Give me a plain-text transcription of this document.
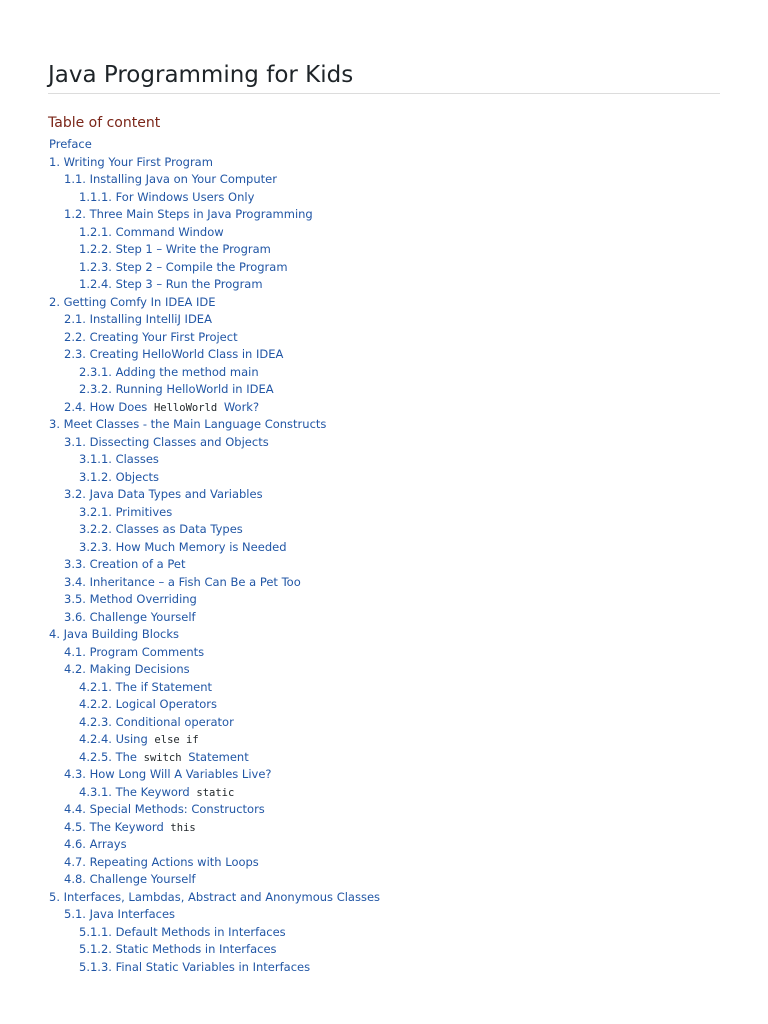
Java Programming for Kids
Table of content
Preface
1. Writing Your First Program
1.1. Installing Java on Your Computer
1.1.1. For Windows Users Only
1.2. Three Main Steps in Java Programming
1.2.1. Command Window
1.2.2. Step 1 – Write the Program
1.2.3. Step 2 – Compile the Program
1.2.4. Step 3 – Run the Program
2. Getting Comfy In IDEA IDE
2.1. Installing IntelliJ IDEA
2.2. Creating Your First Project
2.3. Creating HelloWorld Class in IDEA
2.3.1. Adding the method main
2.3.2. Running HelloWorld in IDEA
2.4. How Does HelloWorld Work?
3. Meet Classes - the Main Language Constructs
3.1. Dissecting Classes and Objects
3.1.1. Classes
3.1.2. Objects
3.2. Java Data Types and Variables
3.2.1. Primitives
3.2.2. Classes as Data Types
3.2.3. How Much Memory is Needed
3.3. Creation of a Pet
3.4. Inheritance – a Fish Can Be a Pet Too
3.5. Method Overriding
3.6. Challenge Yourself
4. Java Building Blocks
4.1. Program Comments
4.2. Making Decisions
4.2.1. The if Statement
4.2.2. Logical Operators
4.2.3. Conditional operator
4.2.4. Using else if
4.2.5. The switch Statement
4.3. How Long Will A Variables Live?
4.3.1. The Keyword static
4.4. Special Methods: Constructors
4.5. The Keyword this
4.6. Arrays
4.7. Repeating Actions with Loops
4.8. Challenge Yourself
5. Interfaces, Lambdas, Abstract and Anonymous Classes
5.1. Java Interfaces
5.1.1. Default Methods in Interfaces
5.1.2. Static Methods in Interfaces
5.1.3. Final Static Variables in Interfaces
